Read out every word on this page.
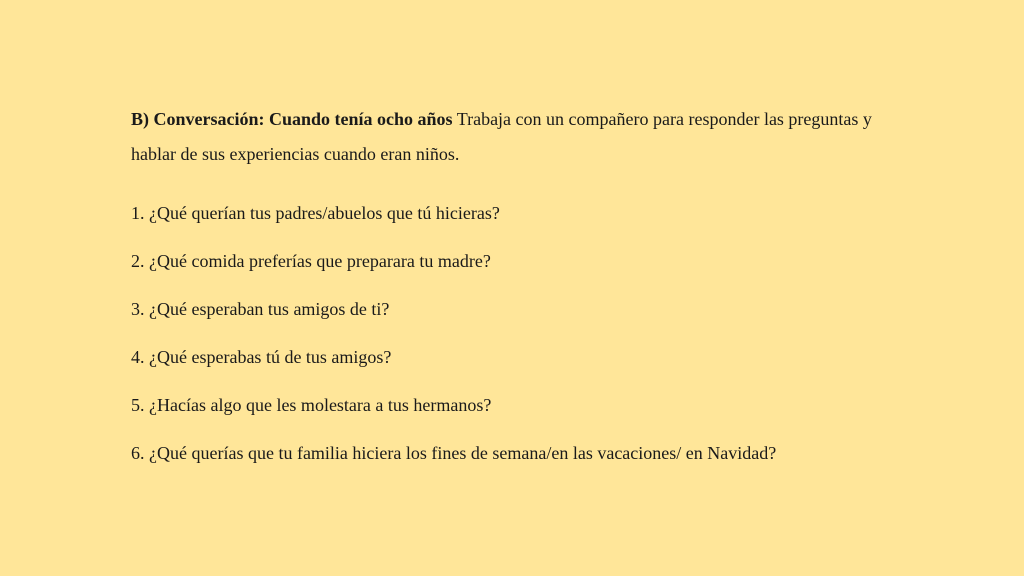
B) Conversación: Cuando tenía ocho años Trabaja con un compañero para responder las preguntas y hablar de sus experiencias cuando eran niños.

1. ¿Qué querían tus padres/abuelos que tú hicieras?
2. ¿Qué comida preferías que preparara tu madre?
3. ¿Qué esperaban tus amigos de ti?
4. ¿Qué esperabas tú de tus amigos?
5. ¿Hacías algo que les molestara a tus hermanos?
6. ¿Qué querías que tu familia hiciera los fines de semana/en las vacaciones/ en Navidad?
